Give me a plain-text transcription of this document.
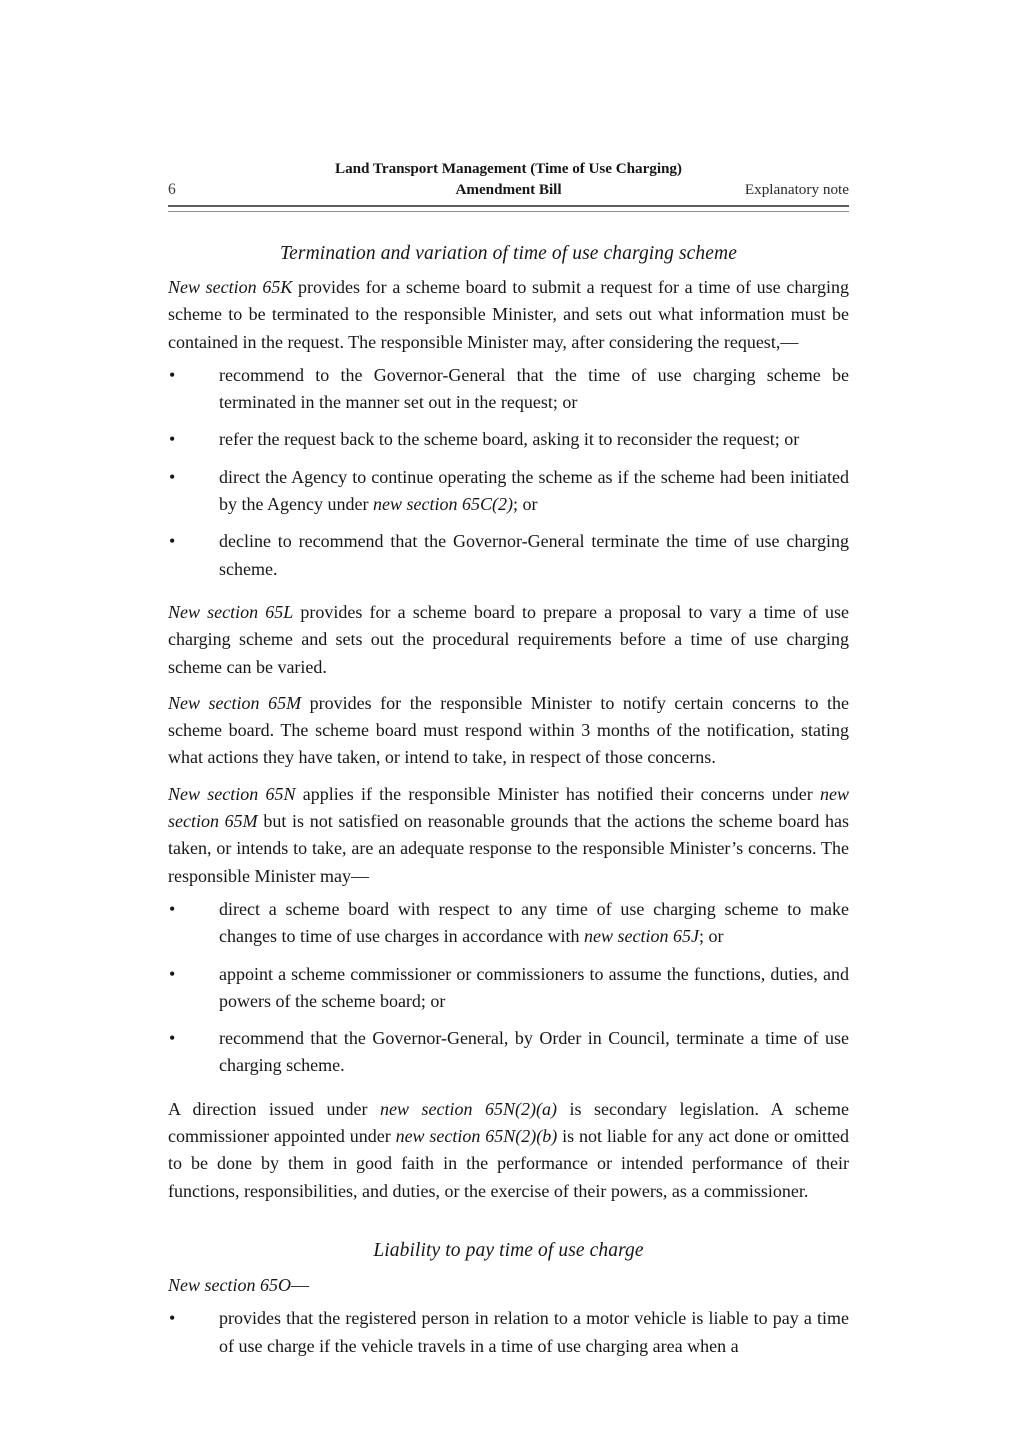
Land Transport Management (Time of Use Charging)
Amendment Bill
6	Explanatory note
Termination and variation of time of use charging scheme

New section 65K provides for a scheme board to submit a request for a time of use charging scheme to be terminated to the responsible Minister, and sets out what information must be contained in the request. The responsible Minister may, after considering the request,—

•	recommend to the Governor-General that the time of use charging scheme be terminated in the manner set out in the request; or
•	refer the request back to the scheme board, asking it to reconsider the request; or
•	direct the Agency to continue operating the scheme as if the scheme had been initiated by the Agency under new section 65C(2); or
•	decline to recommend that the Governor-General terminate the time of use charging scheme.

New section 65L provides for a scheme board to prepare a proposal to vary a time of use charging scheme and sets out the procedural requirements before a time of use charging scheme can be varied.

New section 65M provides for the responsible Minister to notify certain concerns to the scheme board. The scheme board must respond within 3 months of the notification, stating what actions they have taken, or intend to take, in respect of those concerns.

New section 65N applies if the responsible Minister has notified their concerns under new section 65M but is not satisfied on reasonable grounds that the actions the scheme board has taken, or intends to take, are an adequate response to the responsible Minister’s concerns. The responsible Minister may—

•	direct a scheme board with respect to any time of use charging scheme to make changes to time of use charges in accordance with new section 65J; or
•	appoint a scheme commissioner or commissioners to assume the functions, duties, and powers of the scheme board; or
•	recommend that the Governor-General, by Order in Council, terminate a time of use charging scheme.

A direction issued under new section 65N(2)(a) is secondary legislation. A scheme commissioner appointed under new section 65N(2)(b) is not liable for any act done or omitted to be done by them in good faith in the performance or intended performance of their functions, responsibilities, and duties, or the exercise of their powers, as a commissioner.

Liability to pay time of use charge

New section 65O—

•	provides that the registered person in relation to a motor vehicle is liable to pay a time of use charge if the vehicle travels in a time of use charging area when a
